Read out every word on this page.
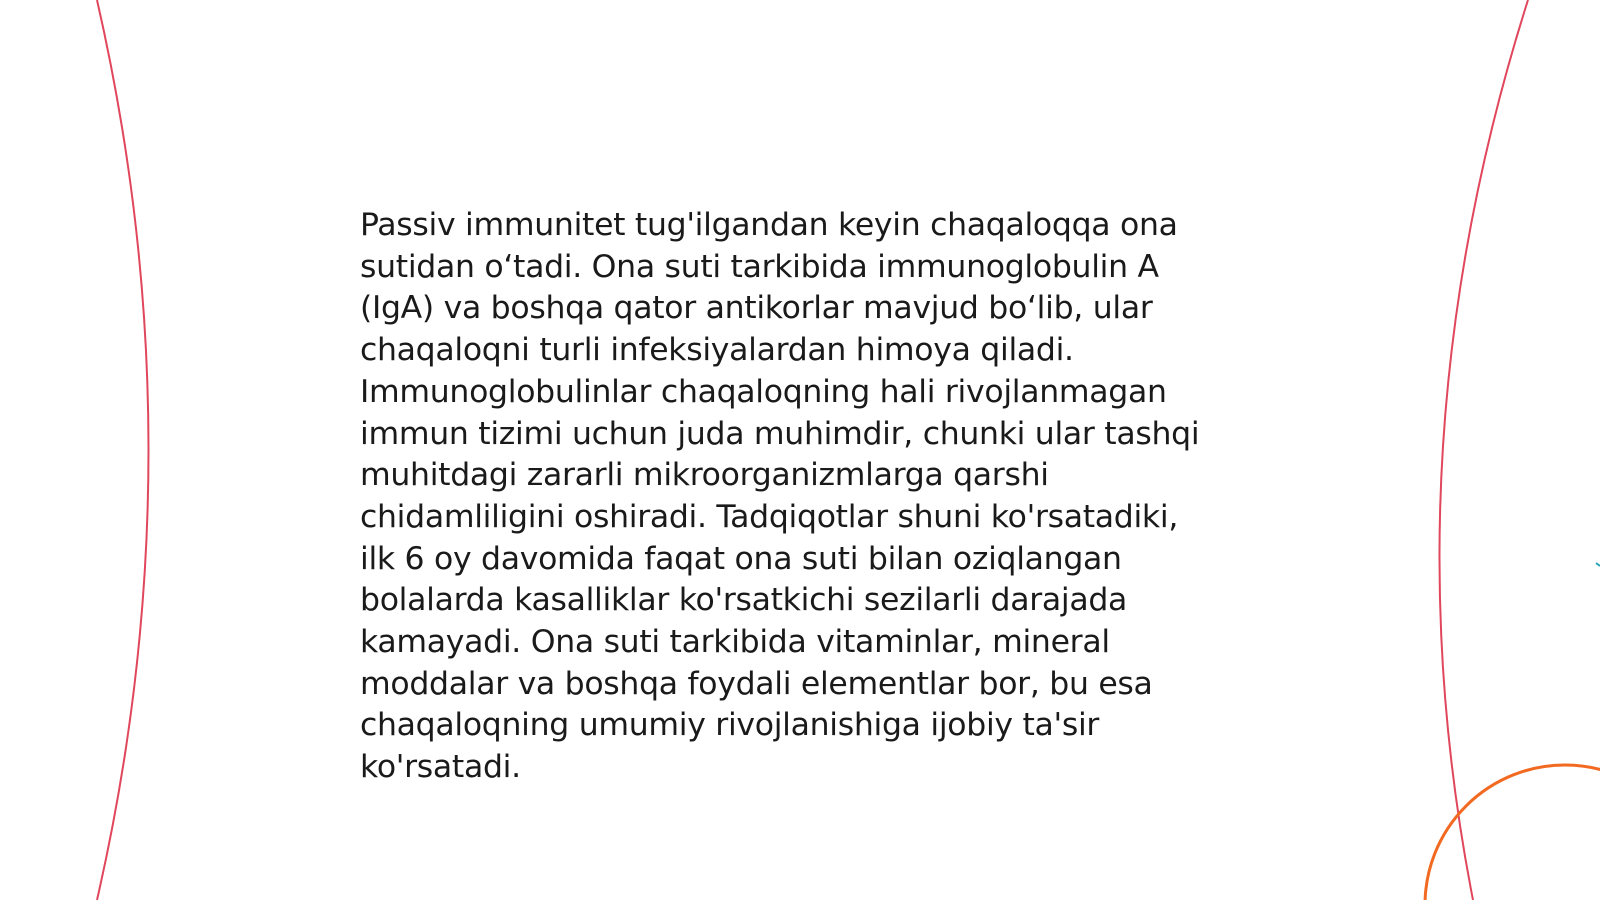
Passiv immunitet tug'ilgandan keyin chaqaloqqa ona
sutidan o‘tadi. Ona suti tarkibida immunoglobulin A
(IgA) va boshqa qator antikorlar mavjud bo‘lib, ular
chaqaloqni turli infeksiyalardan himoya qiladi.
Immunoglobulinlar chaqaloqning hali rivojlanmagan
immun tizimi uchun juda muhimdir, chunki ular tashqi
muhitdagi zararli mikroorganizmlarga qarshi
chidamliligini oshiradi. Tadqiqotlar shuni ko'rsatadiki,
ilk 6 oy davomida faqat ona suti bilan oziqlangan
bolalarda kasalliklar ko'rsatkichi sezilarli darajada
kamayadi. Ona suti tarkibida vitaminlar, mineral
moddalar va boshqa foydali elementlar bor, bu esa
chaqaloqning umumiy rivojlanishiga ijobiy ta'sir
ko'rsatadi.
